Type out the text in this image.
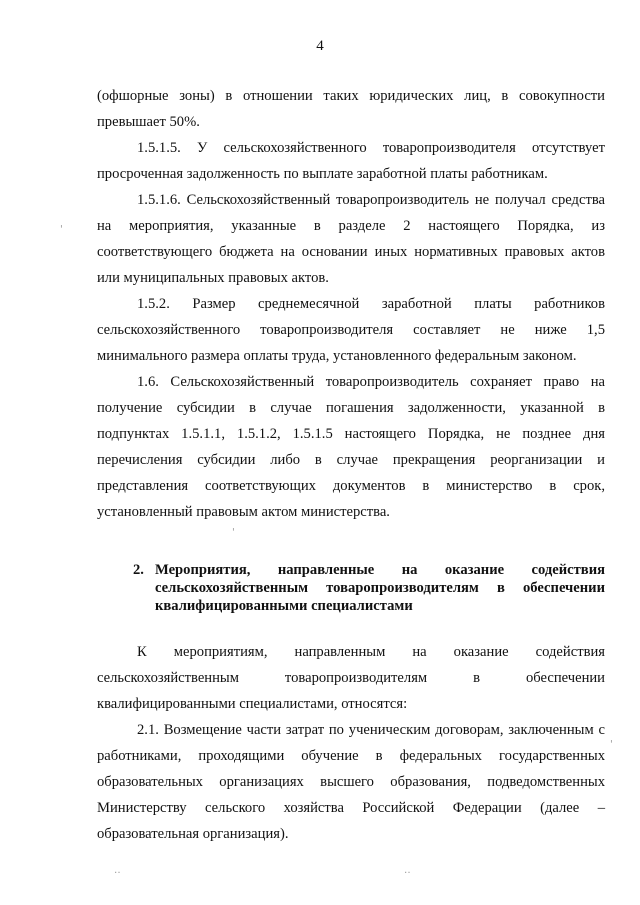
4

(офшорные зоны) в отношении таких юридических лиц, в совокупности превышает 50%.

1.5.1.5. У сельскохозяйственного товаропроизводителя отсутствует просроченная задолженность по выплате заработной платы работникам.

1.5.1.6. Сельскохозяйственный товаропроизводитель не получал средства на мероприятия, указанные в разделе 2 настоящего Порядка, из соответствующего бюджета на основании иных нормативных правовых актов или муниципальных правовых актов.

1.5.2. Размер среднемесячной заработной платы работников сельскохозяйственного товаропроизводителя составляет не ниже 1,5 минимального размера оплаты труда, установленного федеральным законом.

1.6. Сельскохозяйственный товаропроизводитель сохраняет право на получение субсидии в случае погашения задолженности, указанной в подпунктах 1.5.1.1, 1.5.1.2, 1.5.1.5 настоящего Порядка, не позднее дня перечисления субсидии либо в случае прекращения реорганизации и представления соответствующих документов в министерство в срок, установленный правовым актом министерства.

2. Мероприятия, направленные на оказание содействия сельскохозяйственным товаропроизводителям в обеспечении квалифицированными специалистами

К мероприятиям, направленным на оказание содействия сельскохозяйственным товаропроизводителям в обеспечении квалифицированными специалистами, относятся:

2.1. Возмещение части затрат по ученическим договорам, заключенным с работниками, проходящими обучение в федеральных государственных образовательных организациях высшего образования, подведомственных Министерству сельского хозяйства Российской Федерации (далее – образовательная организация).

'
'
'
‥	‥
